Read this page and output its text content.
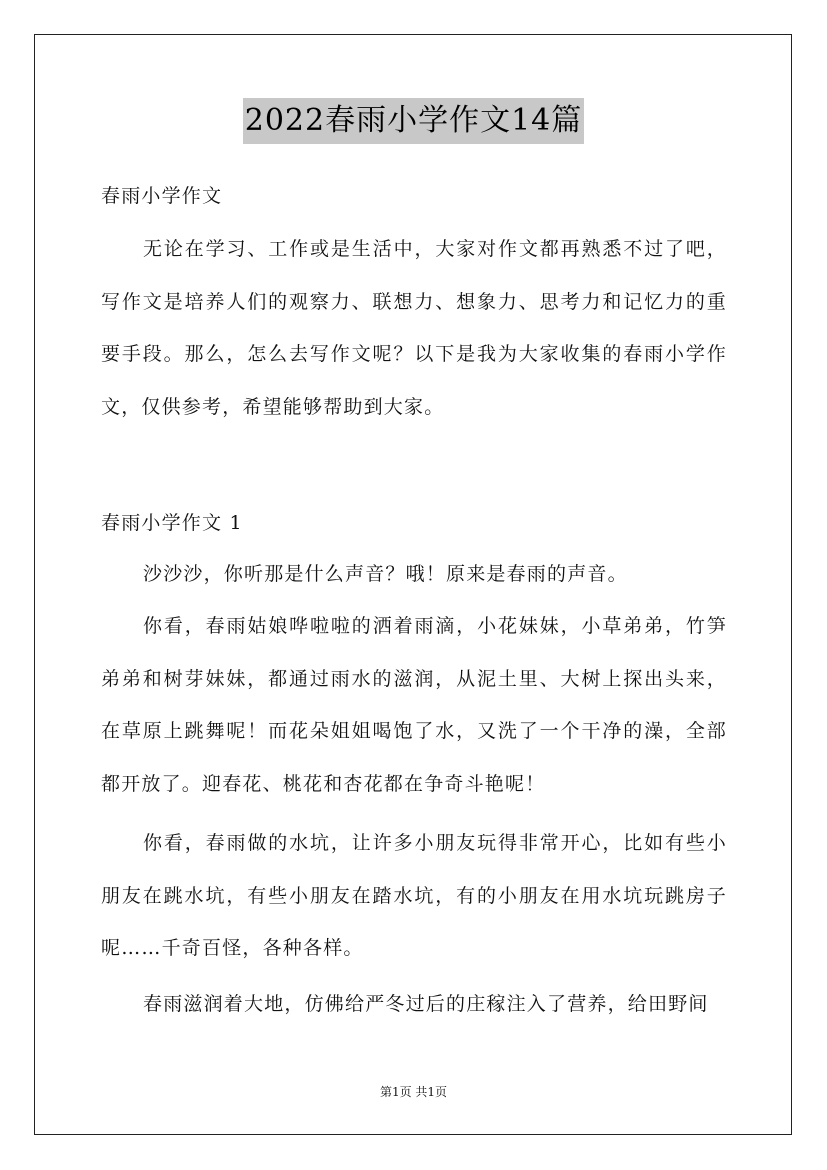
2022春雨小学作文14篇
春雨小学作文
无论在学习、工作或是生活中，大家对作文都再熟悉不过了吧，写作文是培养人们的观察力、联想力、想象力、思考力和记忆力的重要手段。那么，怎么去写作文呢？以下是我为大家收集的春雨小学作文，仅供参考，希望能够帮助到大家。
春雨小学作文 1
沙沙沙，你听那是什么声音？哦！原来是春雨的声音。
你看，春雨姑娘哗啦啦的洒着雨滴，小花妹妹，小草弟弟，竹笋弟弟和树芽妹妹，都通过雨水的滋润，从泥土里、大树上探出头来，在草原上跳舞呢！而花朵姐姐喝饱了水，又洗了一个干净的澡，全部都开放了。迎春花、桃花和杏花都在争奇斗艳呢！
你看，春雨做的水坑，让许多小朋友玩得非常开心，比如有些小朋友在跳水坑，有些小朋友在踏水坑，有的小朋友在用水坑玩跳房子呢……千奇百怪，各种各样。
春雨滋润着大地，仿佛给严冬过后的庄稼注入了营养，给田野间
第1页 共1页
